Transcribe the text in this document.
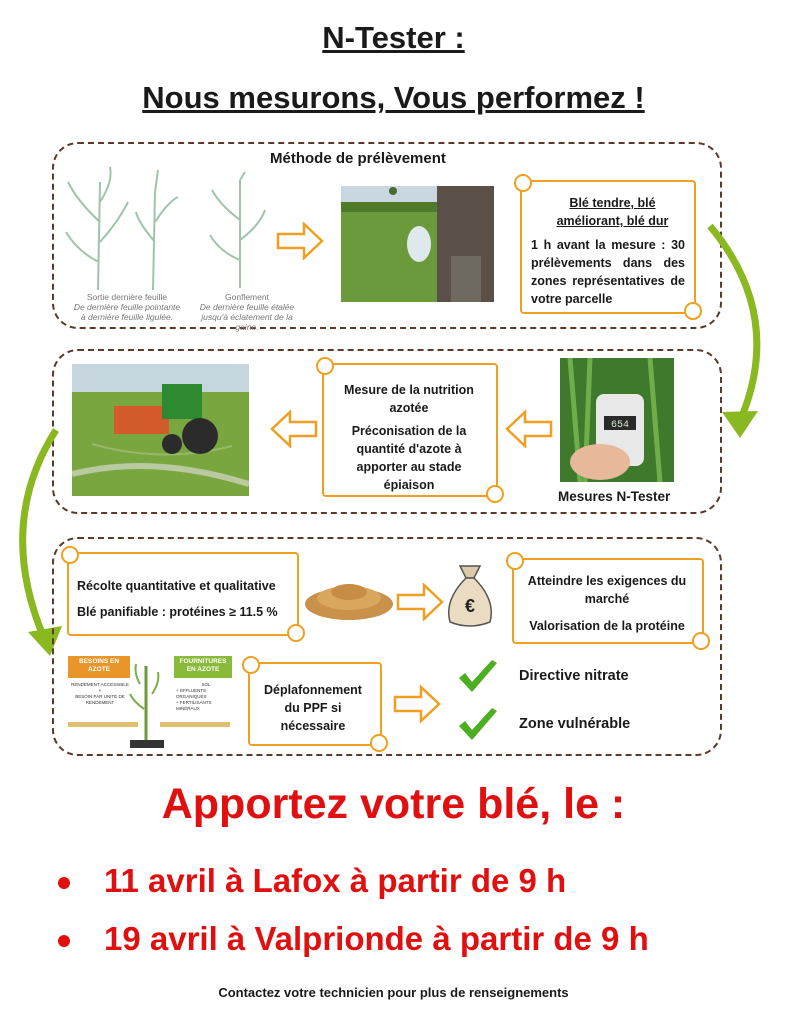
N-Tester :
Nous mesurons, Vous performez !
Méthode de prélèvement
Sortie dernière feuille
De dernière feuille pointante à dernière feuille ligulée.
Gonflement
De dernière feuille étalée jusqu'à éclatement de la gaine.
Blé tendre, blé améliorant, blé dur
1 h avant la mesure : 30 prélèvements dans des zones représentatives de votre parcelle
Mesure de la nutrition azotée
Préconisation de la quantité d'azote à apporter au stade épiaison
654
Mesures N-Tester
Récolte quantitative et qualitative
Blé panifiable : protéines ≥ 11.5 %	€
Atteindre les exigences du marché
Valorisation de la protéine
BESOINS EN AZOTE
FOURNITURES EN AZOTE
RENDEMENT ACCESSIBLE
×
BESOIN PAR UNITÉ DE RENDEMENT
SOL
+ EFFLUENTS ORGANIQUES
+ FERTILISANTS MINÉRAUX
Déplafonnement du PPF si nécessaire
Directive nitrate
Zone vulnérable
Apportez votre blé, le :
11 avril à Lafox à partir de 9 h
19 avril à Valprionde à partir de 9 h
Contactez votre technicien pour plus de renseignements
